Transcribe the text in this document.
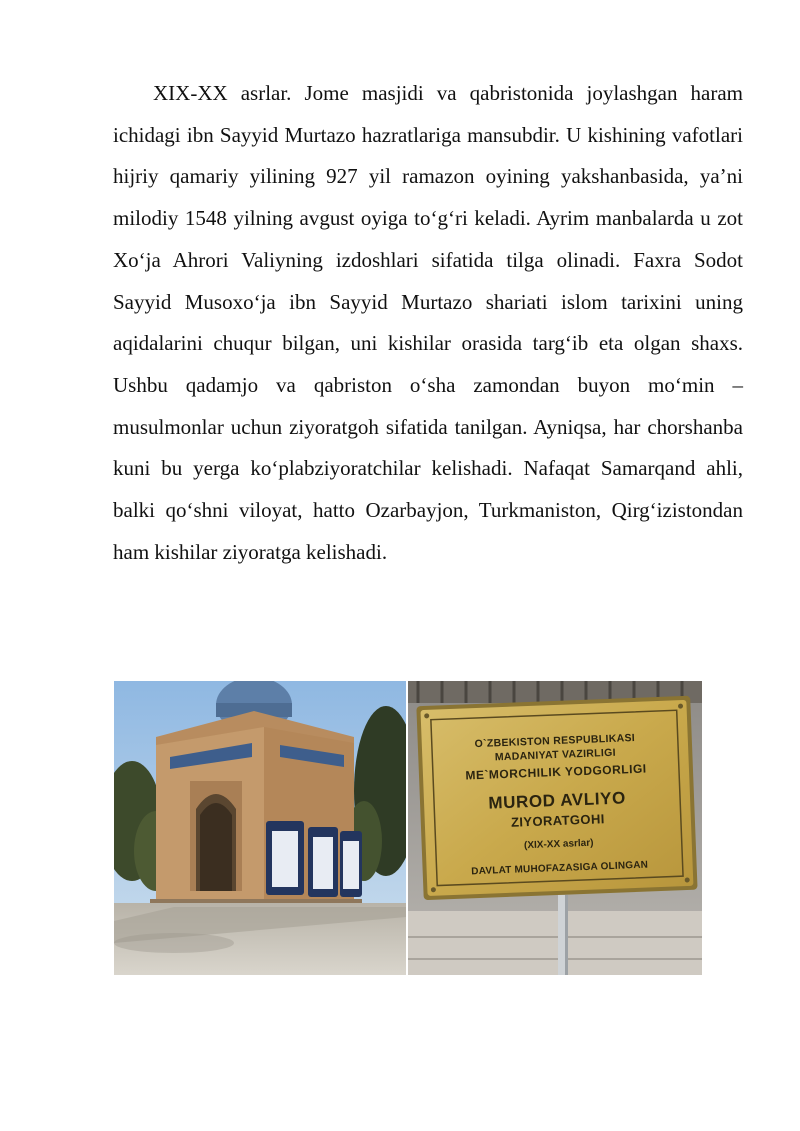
XIX-XX asrlar. Jome masjidi va qabristonida joylashgan haram ichidagi ibn Sayyid Murtazo hazratlariga mansubdir. U kishining vafotlari hijriy qamariy yilining 927 yil ramazon oyining yakshanbasida, ya’ni milodiy 1548 yilning avgust oyiga to‘g‘ri keladi. Ayrim manbalarda u zot Xo‘ja Ahrori Valiyning izdoshlari sifatida tilga olinadi. Faxra Sodot Sayyid Musoxo‘ja ibn Sayyid Murtazo shariati islom tarixini uning aqidalarini chuqur bilgan, uni kishilar orasida targ‘ib eta olgan shaxs. Ushbu qadamjo va qabriston o‘sha zamondan buyon mo‘min – musulmonlar uchun ziyoratgoh sifatida tanilgan. Ayniqsa, har chorshanba kuni bu yerga ko‘plabziyoratchilar kelishadi. Nafaqat Samarqand ahli, balki qo‘shni viloyat, hatto Ozarbayjon, Turkmaniston, Qirg‘izistondan ham kishilar ziyoratga kelishadi.

O`ZBEKISTON RESPUBLIKASI
MADANIYAT VAZIRLIGI
ME`MORCHILIK YODGORLIGI
MUROD AVLIYO
ZIYORATGOHI
(XIX-XX asrlar)
DAVLAT MUHOFAZASIGA OLINGAN
